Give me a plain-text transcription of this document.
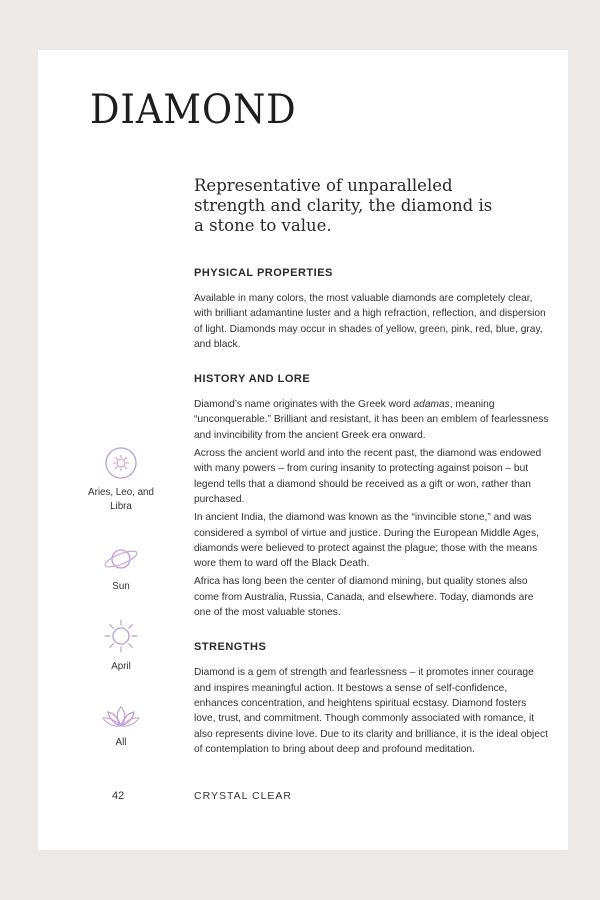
DIAMOND

Representative of unparalleled strength and clarity, the diamond is a stone to value.

PHYSICAL PROPERTIES

Available in many colors, the most valuable diamonds are completely clear, with brilliant adamantine luster and a high refraction, reflection, and dispersion of light. Diamonds may occur in shades of yellow, green, pink, red, blue, gray, and black.

HISTORY AND LORE

Diamond’s name originates with the Greek word adamas, meaning “unconquerable.” Brilliant and resistant, it has been an emblem of fearlessness and invincibility from the ancient Greek era onward.

Across the ancient world and into the recent past, the diamond was endowed with many powers – from curing insanity to protecting against poison – but legend tells that a diamond should be received as a gift or won, rather than purchased.

In ancient India, the diamond was known as the “invincible stone,” and was considered a symbol of virtue and justice. During the European Middle Ages, diamonds were believed to protect against the plague; those with the means wore them to ward off the Black Death.

Africa has long been the center of diamond mining, but quality stones also come from Australia, Russia, Canada, and elsewhere. Today, diamonds are one of the most valuable stones.

STRENGTHS

Diamond is a gem of strength and fearlessness – it promotes inner courage and inspires meaningful action. It bestows a sense of self-confidence, enhances concentration, and heightens spiritual ecstasy. Diamond fosters love, trust, and commitment. Though commonly associated with romance, it also represents divine love. Due to its clarity and brilliance, it is the ideal object of contemplation to bring about deep and profound meditation.

Aries, Leo, and Libra
Sun
April
All
42	CRYSTAL CLEAR
